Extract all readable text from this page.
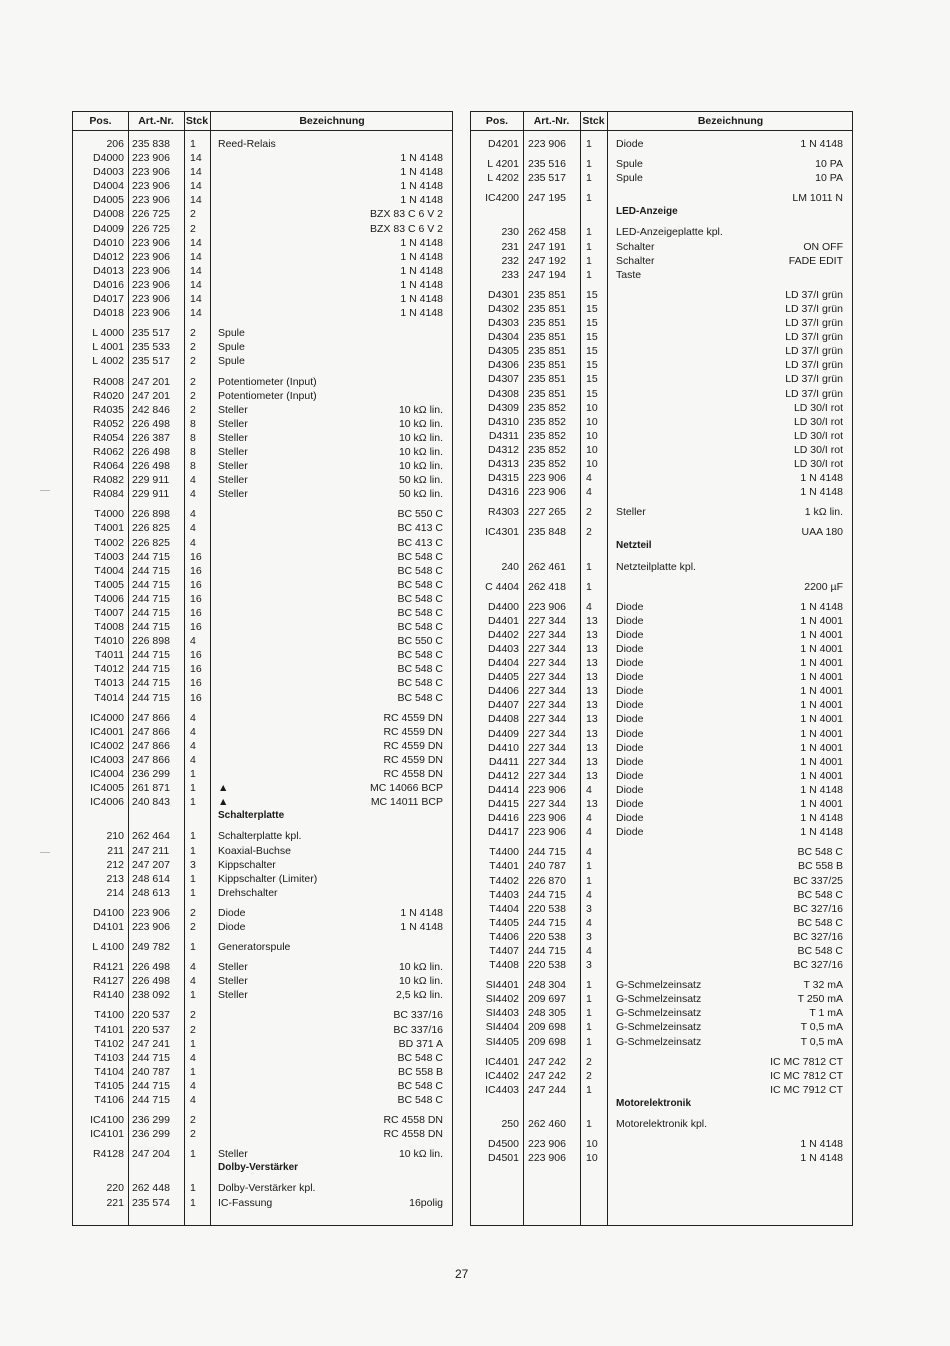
Pos.	Art.-Nr.	Stck	Bezeichnung
206 235 838 1 Reed-Relais
D4000 223 906 14	1 N 4148
D4003 223 906 14	1 N 4148
D4004 223 906 14	1 N 4148
D4005 223 906 14	1 N 4148
D4008 226 725 2	BZX 83 C 6 V 2
D4009 226 725 2	BZX 83 C 6 V 2
D4010 223 906 14	1 N 4148
D4012 223 906 14	1 N 4148
D4013 223 906 14	1 N 4148
D4016 223 906 14	1 N 4148
D4017 223 906 14	1 N 4148
D4018 223 906 14	1 N 4148
L 4000 235 517 2 Spule
L 4001 235 533 2 Spule
L 4002 235 517 2 Spule
R4008 247 201 2 Potentiometer (Input)
R4020 247 201 2 Potentiometer (Input)
R4035 242 846 2 Steller	10 kΩ lin.
R4052 226 498 8 Steller	10 kΩ lin.
R4054 226 387 8 Steller	10 kΩ lin.
R4062 226 498 8 Steller	10 kΩ lin.
R4064 226 498 8 Steller	10 kΩ lin.
R4082 229 911 4 Steller	50 kΩ lin.
R4084 229 911 4 Steller	50 kΩ lin.
T4000 226 898 4	BC 550 C
T4001 226 825 4	BC 413 C
T4002 226 825 4	BC 413 C
T4003 244 715 16	BC 548 C
T4004 244 715 16	BC 548 C
T4005 244 715 16	BC 548 C
T4006 244 715 16	BC 548 C
T4007 244 715 16	BC 548 C
T4008 244 715 16	BC 548 C
T4010 226 898 4	BC 550 C
T4011 244 715 16	BC 548 C
T4012 244 715 16	BC 548 C
T4013 244 715 16	BC 548 C
T4014 244 715 16	BC 548 C
IC4000 247 866 4	RC 4559 DN
IC4001 247 866 4	RC 4559 DN
IC4002 247 866 4	RC 4559 DN
IC4003 247 866 4	RC 4559 DN
IC4004 236 299 1	RC 4558 DN
IC4005 261 871 1 ▲	MC 14066 BCP
IC4006 240 843 1 ▲	MC 14011 BCP
Schalterplatte
210 262 464 1 Schalterplatte kpl.
211 247 211 1 Koaxial-Buchse
212 247 207 3 Kippschalter
213 248 614 1 Kippschalter (Limiter)
214 248 613 1 Drehschalter
D4100 223 906 2 Diode	1 N 4148
D4101 223 906 2 Diode	1 N 4148
L 4100 249 782 1 Generatorspule
R4121 226 498 4 Steller	10 kΩ lin.
R4127 226 498 4 Steller	10 kΩ lin.
R4140 238 092 1 Steller	2,5 kΩ lin.
T4100 220 537 2	BC 337/16
T4101 220 537 2	BC 337/16
T4102 247 241 1	BD 371 A
T4103 244 715 4	BC 548 C
T4104 240 787 1	BC 558 B
T4105 244 715 4	BC 548 C
T4106 244 715 4	BC 548 C
IC4100 236 299 2	RC 4558 DN
IC4101 236 299 2	RC 4558 DN
R4128 247 204 1 Steller	10 kΩ lin.
Dolby-Verstärker
220 262 448 1 Dolby-Verstärker kpl.
221 235 574 1 IC-Fassung	16polig
Pos.	Art.-Nr.	Stck	Bezeichnung
D4201 223 906 1 Diode	1 N 4148
L 4201 235 516 1 Spule	10 PA
L 4202 235 517 1 Spule	10 PA
IC4200 247 195 1	LM 1011 N
LED-Anzeige
230 262 458 1 LED-Anzeigeplatte kpl.
231 247 191 1 Schalter	ON OFF
232 247 192 1 Schalter	FADE EDIT
233 247 194 1 Taste
D4301 235 851 15	LD 37/I grün
D4302 235 851 15	LD 37/I grün
D4303 235 851 15	LD 37/I grün
D4304 235 851 15	LD 37/I grün
D4305 235 851 15	LD 37/I grün
D4306 235 851 15	LD 37/I grün
D4307 235 851 15	LD 37/I grün
D4308 235 851 15	LD 37/I grün
D4309 235 852 10	LD 30/I rot
D4310 235 852 10	LD 30/I rot
D4311 235 852 10	LD 30/I rot
D4312 235 852 10	LD 30/I rot
D4313 235 852 10	LD 30/I rot
D4315 223 906 4	1 N 4148
D4316 223 906 4	1 N 4148
R4303 227 265 2 Steller	1 kΩ lin.
IC4301 235 848 2	UAA 180
Netzteil
240 262 461 1 Netzteilplatte kpl.
C 4404 262 418 1	2200 µF
D4400 223 906 4 Diode	1 N 4148
D4401 227 344 13 Diode	1 N 4001
D4402 227 344 13 Diode	1 N 4001
D4403 227 344 13 Diode	1 N 4001
D4404 227 344 13 Diode	1 N 4001
D4405 227 344 13 Diode	1 N 4001
D4406 227 344 13 Diode	1 N 4001
D4407 227 344 13 Diode	1 N 4001
D4408 227 344 13 Diode	1 N 4001
D4409 227 344 13 Diode	1 N 4001
D4410 227 344 13 Diode	1 N 4001
D4411 227 344 13 Diode	1 N 4001
D4412 227 344 13 Diode	1 N 4001
D4414 223 906 4 Diode	1 N 4148
D4415 227 344 13 Diode	1 N 4001
D4416 223 906 4 Diode	1 N 4148
D4417 223 906 4 Diode	1 N 4148
T4400 244 715 4	BC 548 C
T4401 240 787 1	BC 558 B
T4402 226 870 1	BC 337/25
T4403 244 715 4	BC 548 C
T4404 220 538 3	BC 327/16
T4405 244 715 4	BC 548 C
T4406 220 538 3	BC 327/16
T4407 244 715 4	BC 548 C
T4408 220 538 3	BC 327/16
SI4401 248 304 1 G-Schmelzeinsatz	T 32 mA
SI4402 209 697 1 G-Schmelzeinsatz	T 250 mA
SI4403 248 305 1 G-Schmelzeinsatz	T 1 mA
SI4404 209 698 1 G-Schmelzeinsatz	T 0,5 mA
SI4405 209 698 1 G-Schmelzeinsatz	T 0,5 mA
IC4401 247 242 2	IC MC 7812 CT
IC4402 247 242 2	IC MC 7812 CT
IC4403 247 244 1	IC MC 7912 CT
Motorelektronik
250 262 460 1 Motorelektronik kpl.
D4500 223 906 10	1 N 4148
D4501 223 906 10	1 N 4148
27
